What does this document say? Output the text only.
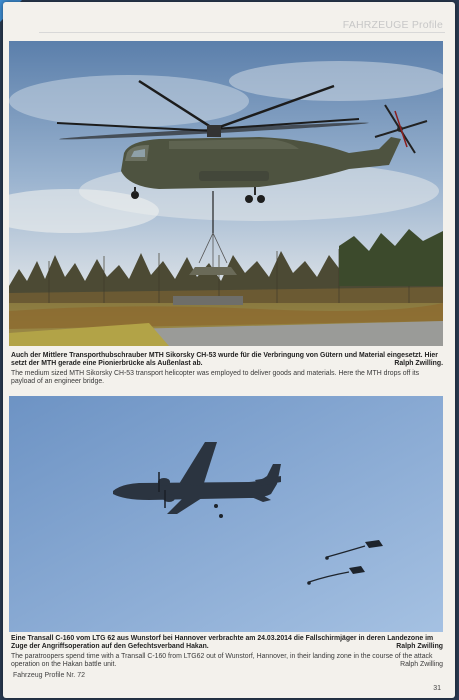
FAHRZEUGE Profile
Auch der Mittlere Transporthubschrauber MTH Sikorsky CH-53 wurde für die Verbringung von Gütern und Material eingesetzt. Hier setzt der MTH gerade eine Pionierbrücke als Außenlast ab.	Ralph Zwilling.
The medium sized MTH Sikorsky CH-53 transport helicopter was employed to deliver goods and materials. Here the MTH drops off its payload of an engineer bridge.
Eine Transall C-160 vom LTG 62 aus Wunstorf bei Hannover verbrachte am 24.03.2014 die Fallschirmjäger in deren Landezone im Zuge der Angriffsoperation auf den Gefechtsverband Hakan.	Ralph Zwilling
The paratroopers spend time with a Transall C-160 from LTG62 out of Wunstorf, Hannover, in their landing zone in the course of the attack operation on the Hakan battle unit.	Ralph Zwilling
Fahrzeug Profile Nr. 72
31
